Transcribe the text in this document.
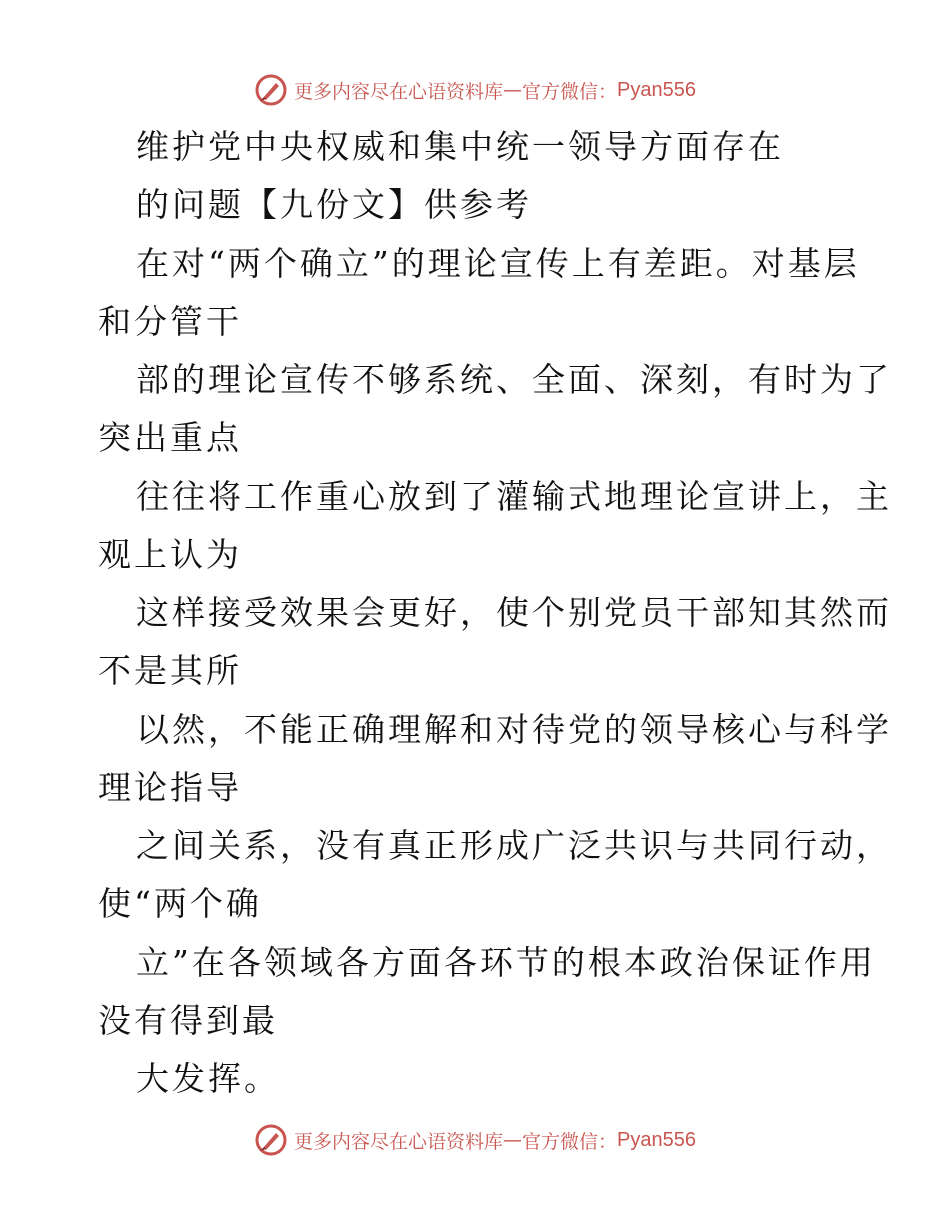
更多内容尽在心语资料库 — 官方微信： Pyan556

维护党中央权威和集中统一领导方面存在

的问题【九份文】供参考

在对“两个确立”的理论宣传上有差距。对基层

和分管干

部的理论宣传不够系统、全面、深刻，有时为了

突出重点

往往将工作重心放到了灌输式地理论宣讲上，主

观上认为

这样接受效果会更好，使个别党员干部知其然而

不是其所

以然，不能正确理解和对待党的领导核心与科学

理论指导

之间关系，没有真正形成广泛共识与共同行动，

使“两个确

立”在各领域各方面各环节的根本政治保证作用

没有得到最

大发挥。

更多内容尽在心语资料库 — 官方微信： Pyan556
